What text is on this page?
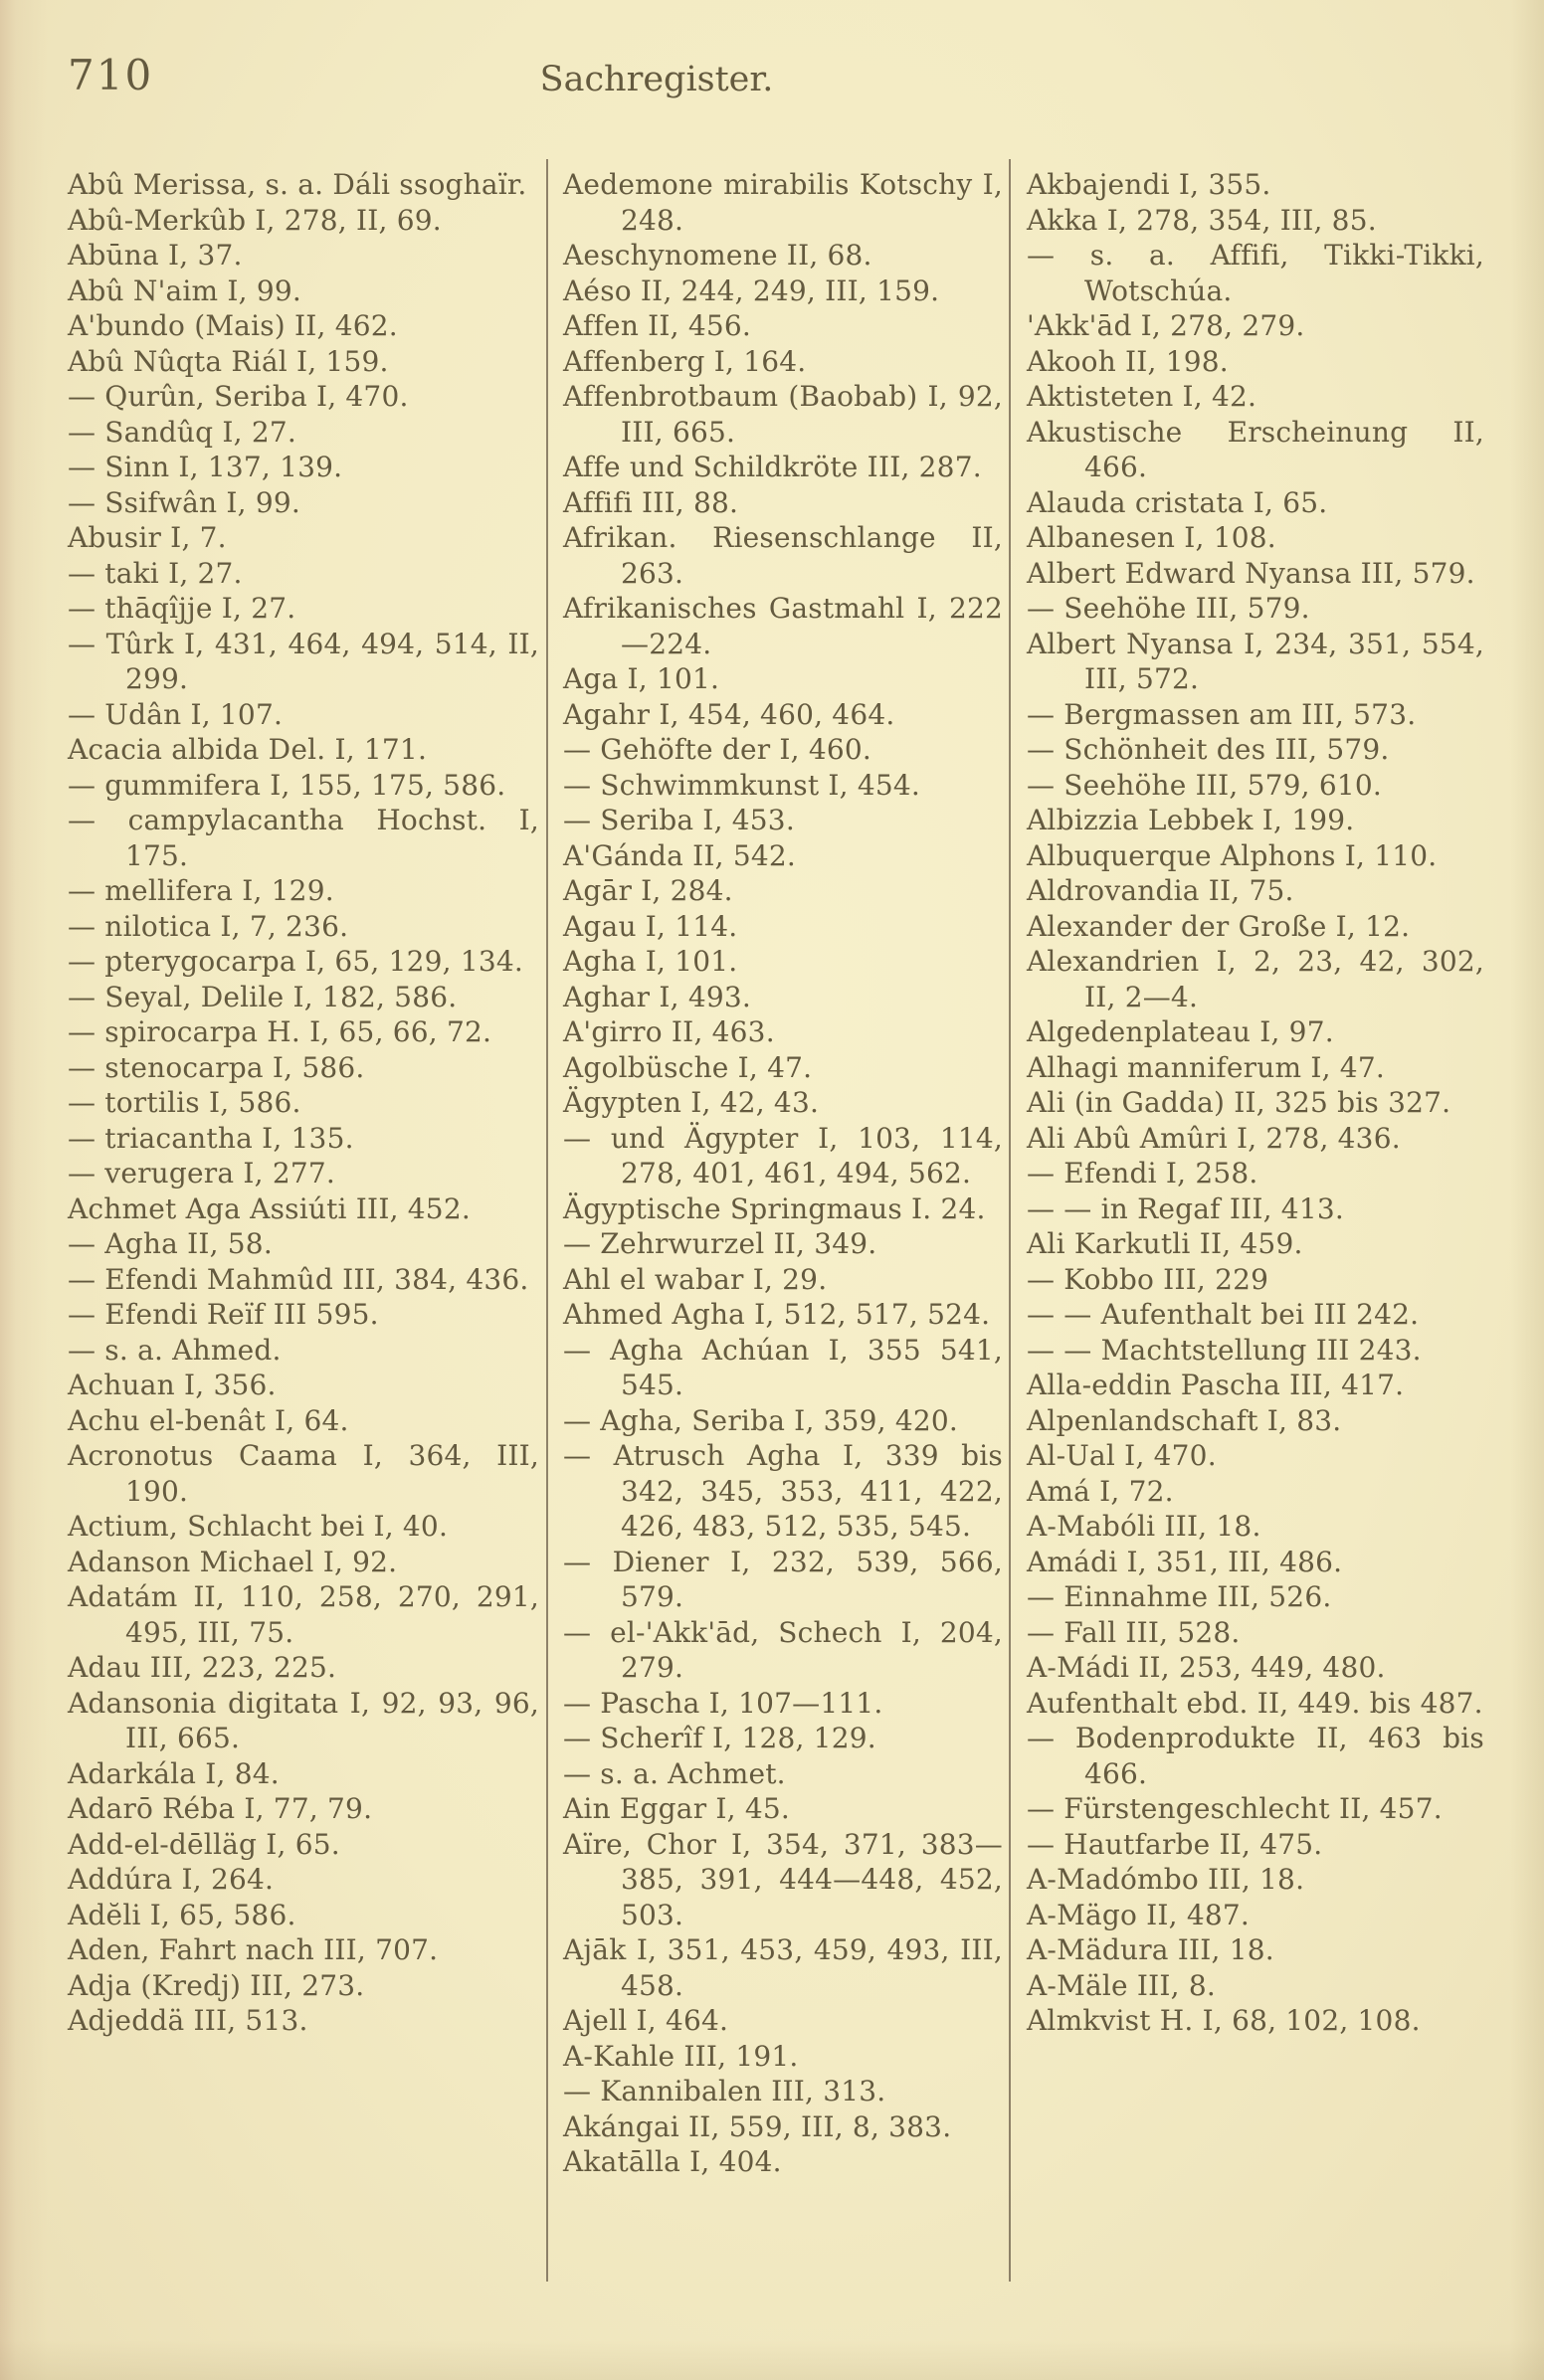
710	Sachregister.
Abû Merissa, s. a. Dáli ssoghaïr.
Abû-Merkûb I, 278, II, 69.
Abūna I, 37.
Abû N'aim I, 99.
A'bundo (Mais) II, 462.
Abû Nûqta Riál I, 159.
— Qurûn, Seriba I, 470.
— Sandûq I, 27.
— Sinn I, 137, 139.
— Ssifwân I, 99.
Abusir I, 7.
— taki I, 27.
— thāqîjje I, 27.
— Tûrk I, 431, 464, 494, 514, II, 299.
— Udân I, 107.
Acacia albida Del. I, 171.
— gummifera I, 155, 175, 586.
— campylacantha Hochst. I, 175.
— mellifera I, 129.
— nilotica I, 7, 236.
— pterygocarpa I, 65, 129, 134.
— Seyal, Delile I, 182, 586.
— spirocarpa H. I, 65, 66, 72.
— stenocarpa I, 586.
— tortilis I, 586.
— triacantha I, 135.
— verugera I, 277.
Achmet Aga Assiúti III, 452.
— Agha II, 58.
— Efendi Mahmûd III, 384, 436.
— Efendi Reïf III 595.
— s. a. Ahmed.
Achuan I, 356.
Achu el-benât I, 64.
Acronotus Caama I, 364, III, 190.
Actium, Schlacht bei I, 40.
Adanson Michael I, 92.
Adatám II, 110, 258, 270, 291, 495, III, 75.
Adau III, 223, 225.
Adansonia digitata I, 92, 93, 96, III, 665.
Adarkála I, 84.
Adarō Réba I, 77, 79.
Add-el-dēlläg I, 65.
Addúra I, 264.
Adĕli I, 65, 586.
Aden, Fahrt nach III, 707.
Adja (Kredj) III, 273.
Adjeddä III, 513.
Aedemone mirabilis Kotschy I, 248.
Aeschynomene II, 68.
Aéso II, 244, 249, III, 159.
Affen II, 456.
Affenberg I, 164.
Affenbrotbaum (Baobab) I, 92, III, 665.
Affe und Schildkröte III, 287.
Affifi III, 88.
Afrikan. Riesenschlange II, 263.
Afrikanisches Gastmahl I, 222—224.
Aga I, 101.
Agahr I, 454, 460, 464.
— Gehöfte der I, 460.
— Schwimmkunst I, 454.
— Seriba I, 453.
A'Gánda II, 542.
Agār I, 284.
Agau I, 114.
Agha I, 101.
Aghar I, 493.
A'girro II, 463.
Agolbüsche I, 47.
Ägypten I, 42, 43.
— und Ägypter I, 103, 114, 278, 401, 461, 494, 562.
Ägyptische Springmaus I. 24.
— Zehrwurzel II, 349.
Ahl el wabar I, 29.
Ahmed Agha I, 512, 517, 524.
— Agha Achúan I, 355 541, 545.
— Agha, Seriba I, 359, 420.
— Atrusch Agha I, 339 bis 342, 345, 353, 411, 422, 426, 483, 512, 535, 545.
— Diener I, 232, 539, 566, 579.
— el-'Akk'ād, Schech I, 204, 279.
— Pascha I, 107—111.
— Scherîf I, 128, 129.
— s. a. Achmet.
Ain Eggar I, 45.
Aïre, Chor I, 354, 371, 383—385, 391, 444—448, 452, 503.
Ajāk I, 351, 453, 459, 493, III, 458.
Ajell I, 464.
A-Kahle III, 191.
— Kannibalen III, 313.
Akángai II, 559, III, 8, 383.
Akatālla I, 404.
Akbajendi I, 355.
Akka I, 278, 354, III, 85.
— s. a. Affifi, Tikki-Tikki, Wotschúa.
'Akk'ād I, 278, 279.
Akooh II, 198.
Aktisteten I, 42.
Akustische Erscheinung II, 466.
Alauda cristata I, 65.
Albanesen I, 108.
Albert Edward Nyansa III, 579.
— Seehöhe III, 579.
Albert Nyansa I, 234, 351, 554, III, 572.
— Bergmassen am III, 573.
— Schönheit des III, 579.
— Seehöhe III, 579, 610.
Albizzia Lebbek I, 199.
Albuquerque Alphons I, 110.
Aldrovandia II, 75.
Alexander der Große I, 12.
Alexandrien I, 2, 23, 42, 302, II, 2—4.
Algedenplateau I, 97.
Alhagi manniferum I, 47.
Ali (in Gadda) II, 325 bis 327.
Ali Abû Amûri I, 278, 436.
— Efendi I, 258.
— — in Regaf III, 413.
Ali Karkutli II, 459.
— Kobbo III, 229
— — Aufenthalt bei III 242.
— — Machtstellung III 243.
Alla-eddin Pascha III, 417.
Alpenlandschaft I, 83.
Al-Ual I, 470.
Amá I, 72.
A-Mabóli III, 18.
Amádi I, 351, III, 486.
— Einnahme III, 526.
— Fall III, 528.
A-Mádi II, 253, 449, 480.
Aufenthalt ebd. II, 449. bis 487.
— Bodenprodukte II, 463 bis 466.
— Fürstengeschlecht II, 457.
— Hautfarbe II, 475.
A-Madómbo III, 18.
A-Mägo II, 487.
A-Mädura III, 18.
A-Mäle III, 8.
Almkvist H. I, 68, 102, 108.
